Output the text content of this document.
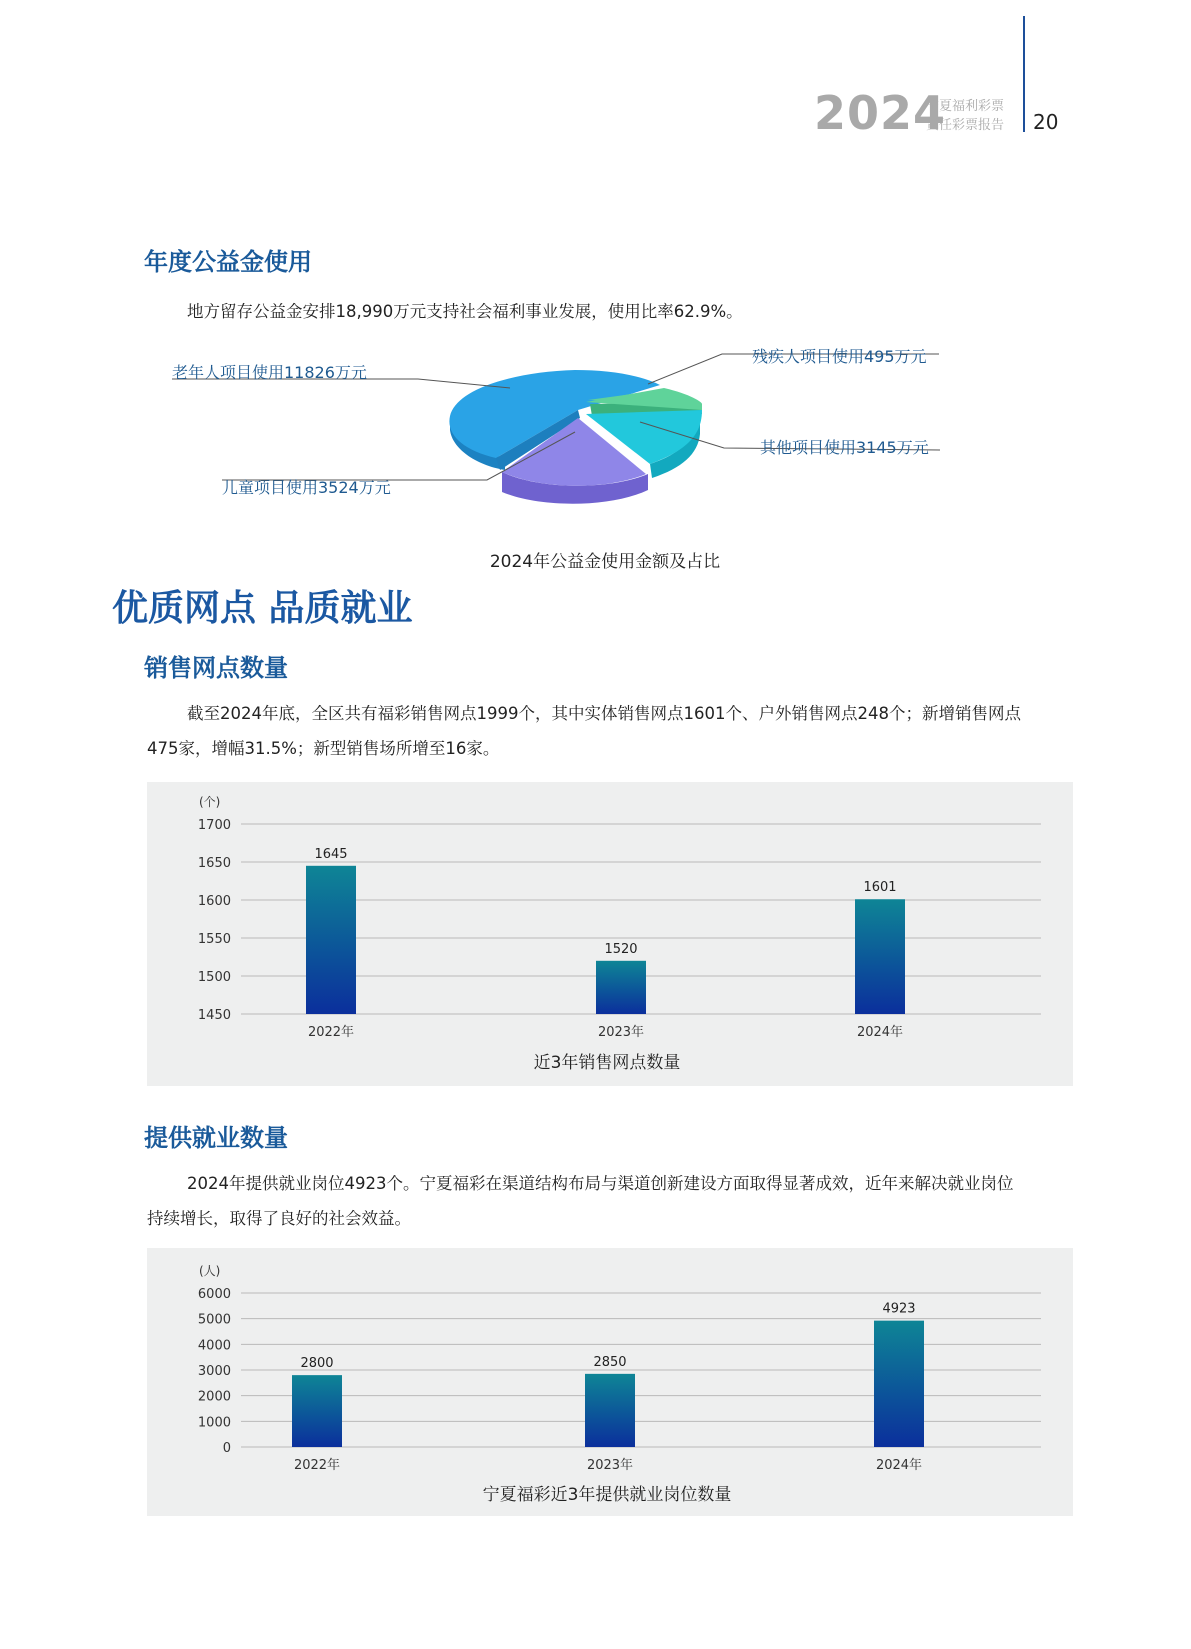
2024
宁夏福利彩票
责任彩票报告 20
年度公益金使用
地方留存公益金安排18,990万元支持社会福利事业发展，使用比率62.9%。
老年人项目使用11826万元
残疾人项目使用495万元
其他项目使用3145万元
儿童项目使用3524万元
2024年公益金使用金额及占比
优质网点 品质就业
销售网点数量
截至2024年底，全区共有福彩销售网点1999个，其中实体销售网点1601个、户外销售网点248个；新增销售网点
475家，增幅31.5%；新型销售场所增至16家。
(个)
1700
1650
1600
1550
1500
1450
1645
2022年
1520
2023年
1601
2024年
近3年销售网点数量
提供就业数量
2024年提供就业岗位4923个。宁夏福彩在渠道结构布局与渠道创新建设方面取得显著成效，近年来解决就业岗位
持续增长，取得了良好的社会效益。
(人)
6000
5000
4000
3000
2000
1000
0
2800
2022年
2850
2023年
4923
2024年
宁夏福彩近3年提供就业岗位数量
